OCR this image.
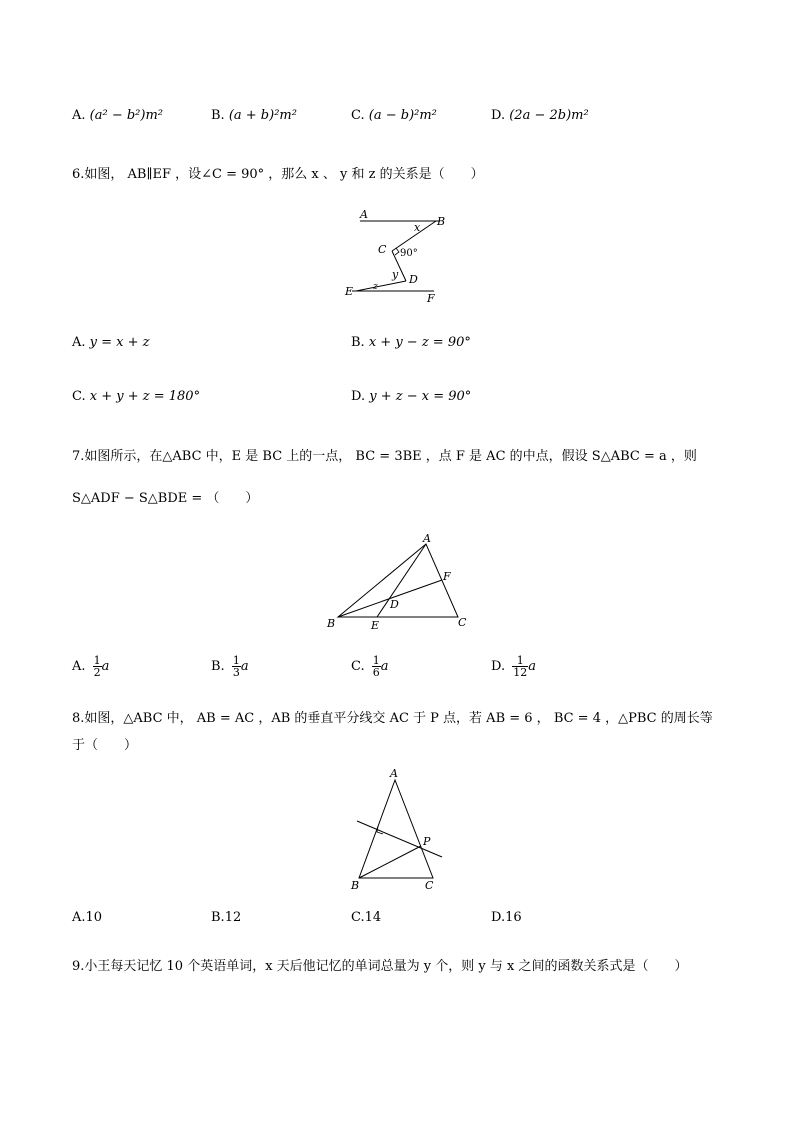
A. (a² − b²)m²	B. (a + b)²m²	C. (a − b)²m²	D. (2a − 2b)m²
6.如图， AB∥EF ，设∠C = 90° ，那么 x 、 y 和 z 的关系是（　　）
A
B
x
C 90°
y D
z
E
F
A. y = x + z	B. x + y − z = 90°
C. x + y + z = 180°	D. y + z − x = 90°
7.如图所示，在△ABC 中，E 是 BC 上的一点， BC = 3BE ，点 F 是 AC 的中点，假设 S△ABC = a ，则
S△ADF − S△BDE = （　　）
A
F
D
B	E	C
A. $\frac{1}{2}$ a	B. $\frac{1}{3}$ a	C. $\frac{1}{6}$ a	D. $\frac{1}{12}$ a
8.如图，△ABC 中， AB = AC ，AB 的垂直平分线交 AC 于 P 点，若 AB = 6 ， BC = 4 ，△PBC 的周长等
于（　　）
A
P
B	C
A.10	B.12	C.14	D.16
9.小王每天记忆 10 个英语单词，x 天后他记忆的单词总量为 y 个，则 y 与 x 之间的函数关系式是（　　）
